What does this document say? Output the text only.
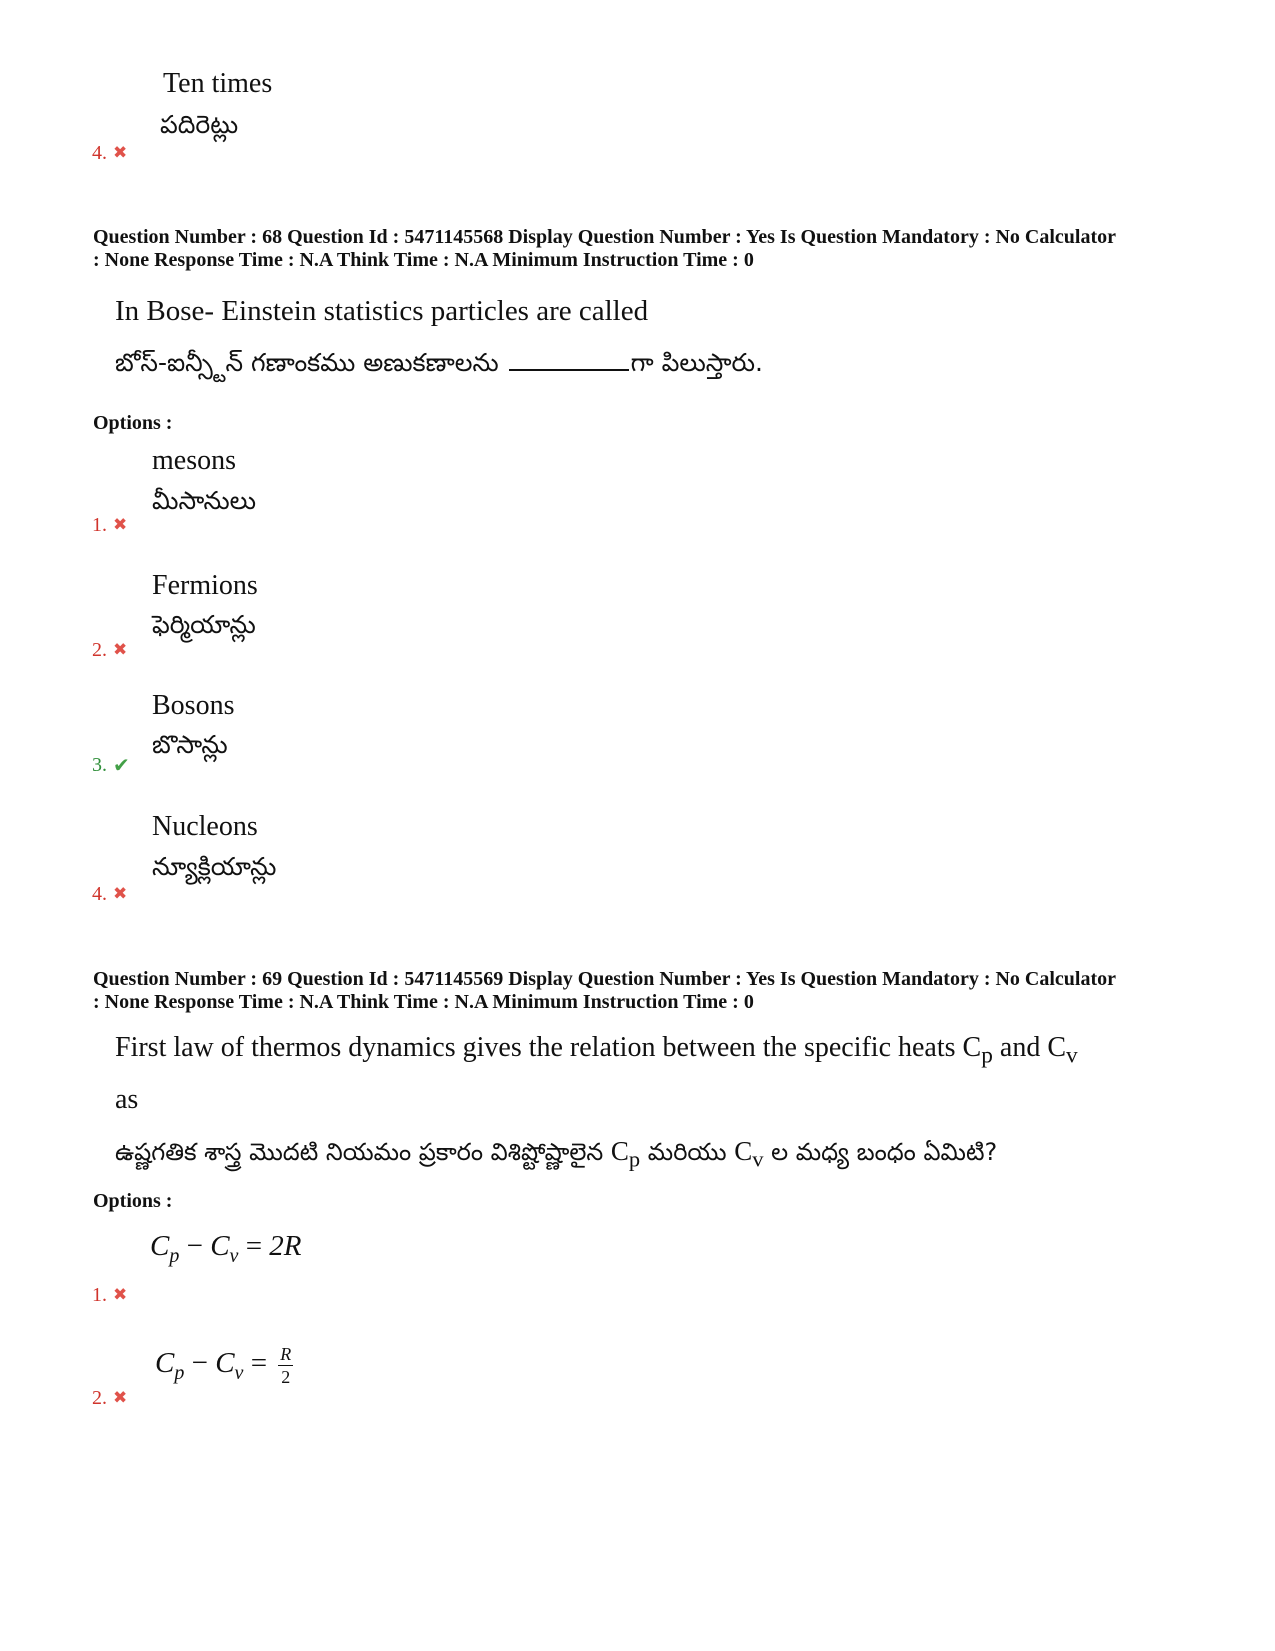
Ten times
పదిరెట్లు
4. ✖
Question Number : 68 Question Id : 5471145568 Display Question Number : Yes Is Question Mandatory : No Calculator
: None Response Time : N.A Think Time : N.A Minimum Instruction Time : 0
In Bose- Einstein statistics particles are called
బోస్-ఐన్స్టీన్ గణాంకము అణుకణాలను	గా పిలుస్తారు.
Options :
mesons
మీసానులు
1. ✖
Fermions
ఫెర్మియాన్లు
2. ✖
Bosons
బొసాన్లు
3. ✔
Nucleons
న్యూక్లియాన్లు
4. ✖
Question Number : 69 Question Id : 5471145569 Display Question Number : Yes Is Question Mandatory : No Calculator
: None Response Time : N.A Think Time : N.A Minimum Instruction Time : 0
First law of thermos dynamics gives the relation between the specific heats $C_p$ and $C_v$
as
ఉష్ణగతిక శాస్త్ర మొదటి నియమం ప్రకారం విశిష్టోష్ణాలైన $C_p$ మరియు $C_v$ ల మధ్య బంధం ఏమిటి?
Options :
$C_p - C_v = 2R$
1. ✖
$C_p - C_v = \frac{R}{2}$
2. ✖
